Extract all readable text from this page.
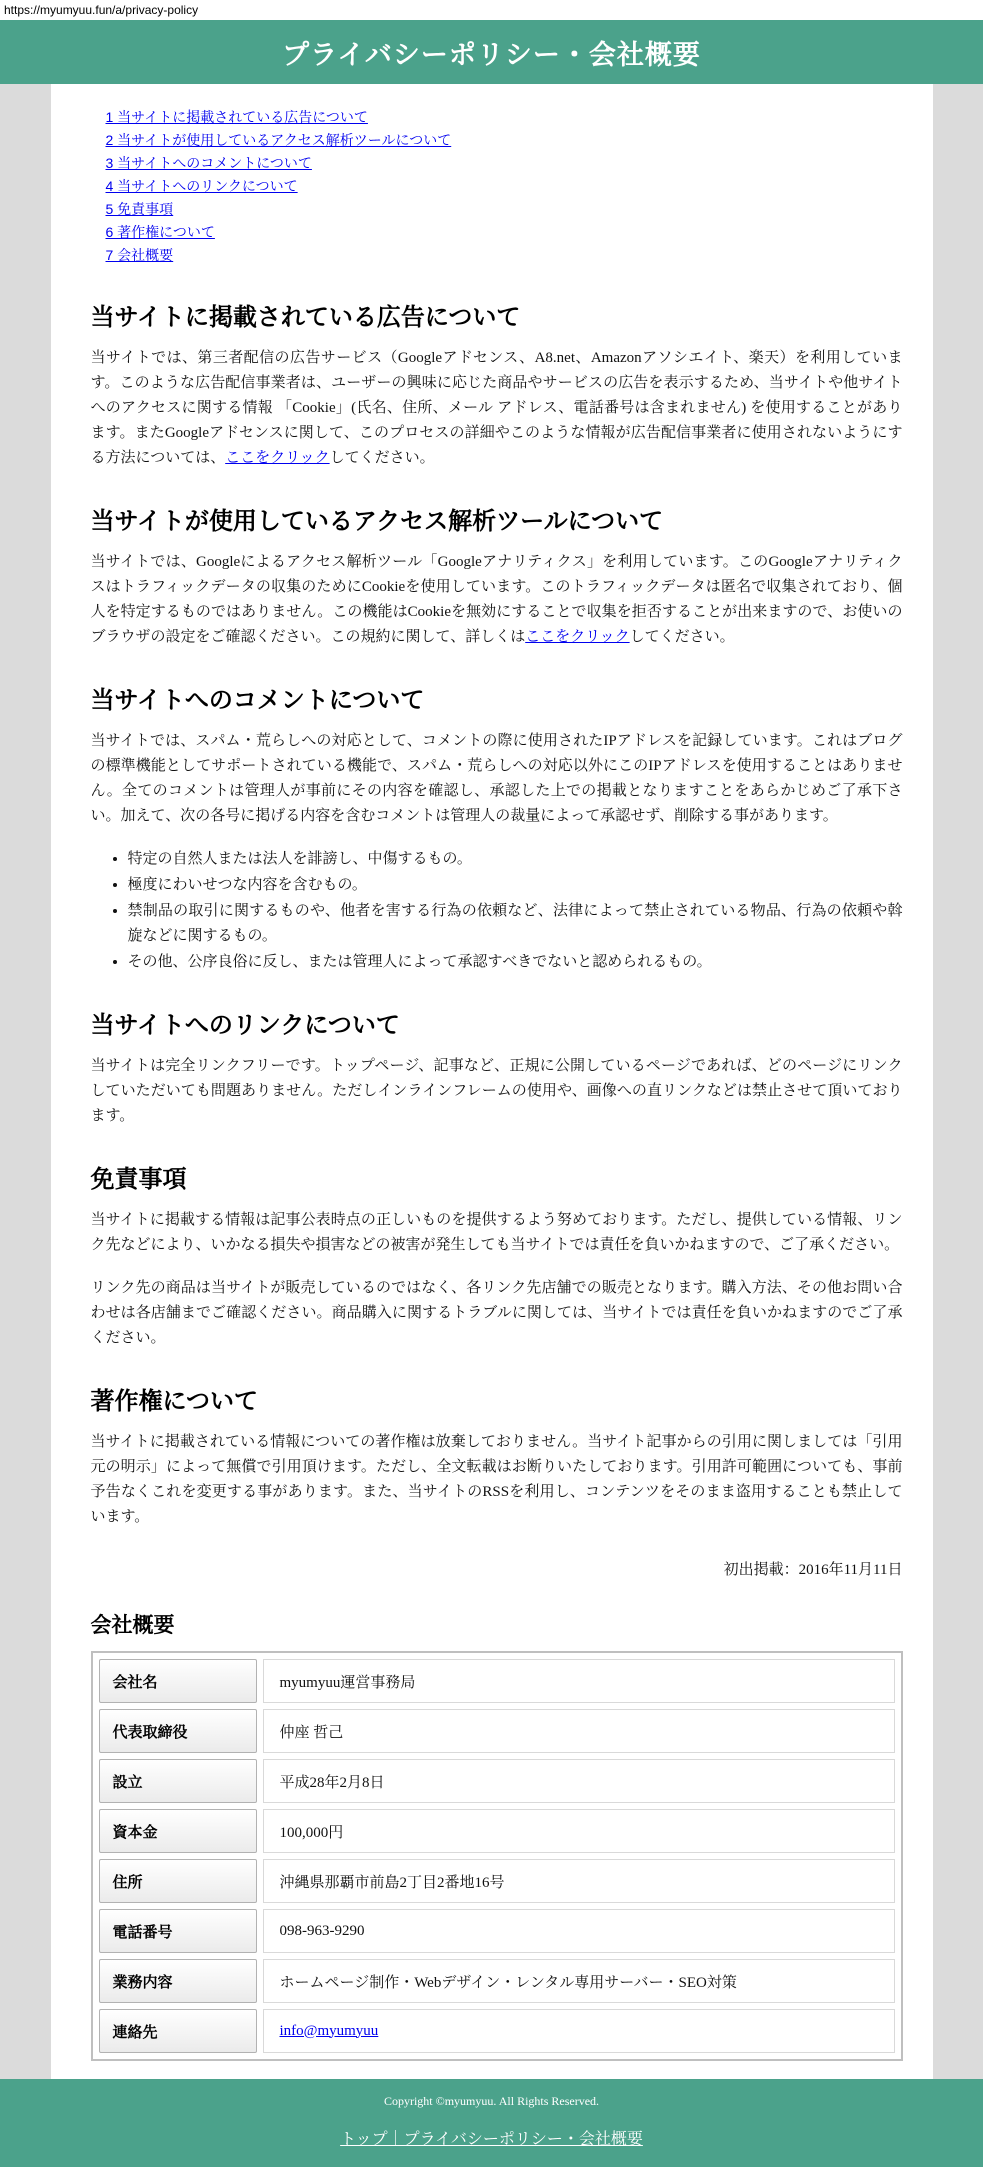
https://myumyuu.fun/a/privacy-policy
プライバシーポリシー・会社概要
1 当サイトに掲載されている広告について
2 当サイトが使用しているアクセス解析ツールについて
3 当サイトへのコメントについて
4 当サイトへのリンクについて
5 免責事項
6 著作権について
7 会社概要
当サイトに掲載されている広告について

当サイトでは、第三者配信の広告サービス（Googleアドセンス、A8.net、Amazonアソシエイト、楽天）を利用しています。このような広告配信事業者は、ユーザーの興味に応じた商品やサービスの広告を表示するため、当サイトや他サイトへのアクセスに関する情報 「Cookie」(氏名、住所、メール アドレス、電話番号は含まれません) を使用することがあります。またGoogleアドセンスに関して、このプロセスの詳細やこのような情報が広告配信事業者に使用されないようにする方法については、ここをクリックしてください。

当サイトが使用しているアクセス解析ツールについて

当サイトでは、Googleによるアクセス解析ツール「Googleアナリティクス」を利用しています。このGoogleアナリティクスはトラフィックデータの収集のためにCookieを使用しています。このトラフィックデータは匿名で収集されており、個人を特定するものではありません。この機能はCookieを無効にすることで収集を拒否することが出来ますので、お使いのブラウザの設定をご確認ください。この規約に関して、詳しくはここをクリックしてください。

当サイトへのコメントについて

当サイトでは、スパム・荒らしへの対応として、コメントの際に使用されたIPアドレスを記録しています。これはブログの標準機能としてサポートされている機能で、スパム・荒らしへの対応以外にこのIPアドレスを使用することはありません。全てのコメントは管理人が事前にその内容を確認し、承認した上での掲載となりますことをあらかじめご了承下さい。加えて、次の各号に掲げる内容を含むコメントは管理人の裁量によって承認せず、削除する事があります。

• 特定の自然人または法人を誹謗し、中傷するもの。
• 極度にわいせつな内容を含むもの。
• 禁制品の取引に関するものや、他者を害する行為の依頼など、法律によって禁止されている物品、行為の依頼や斡旋などに関するもの。
• その他、公序良俗に反し、または管理人によって承認すべきでないと認められるもの。
当サイトへのリンクについて

当サイトは完全リンクフリーです。トップページ、記事など、正規に公開しているページであれば、どのページにリンクしていただいても問題ありません。ただしインラインフレームの使用や、画像への直リンクなどは禁止させて頂いております。

免責事項

当サイトに掲載する情報は記事公表時点の正しいものを提供するよう努めております。ただし、提供している情報、リンク先などにより、いかなる損失や損害などの被害が発生しても当サイトでは責任を負いかねますので、ご了承ください。

リンク先の商品は当サイトが販売しているのではなく、各リンク先店舗での販売となります。購入方法、その他お問い合わせは各店舗までご確認ください。商品購入に関するトラブルに関しては、当サイトでは責任を負いかねますのでご了承ください。

著作権について

当サイトに掲載されている情報についての著作権は放棄しておりません。当サイト記事からの引用に関しましては「引用元の明示」によって無償で引用頂けます。ただし、全文転載はお断りいたしております。引用許可範囲についても、事前予告なくこれを変更する事があります。また、当サイトのRSSを利用し、コンテンツをそのまま盗用することも禁止しています。

初出掲載：2016年11月11日
会社概要
会社名	myumyuu運営事務局
代表取締役	仲座 哲己
設立	平成28年2月8日
資本金	100,000円
住所	沖縄県那覇市前島2丁目2番地16号
電話番号	098-963-9290
業務内容	ホームページ制作・Webデザイン・レンタル専用サーバー・SEO対策
連絡先	info@myumyuu
Copyright ©myumyuu. All Rights Reserved.
トップ｜プライバシーポリシー・会社概要
